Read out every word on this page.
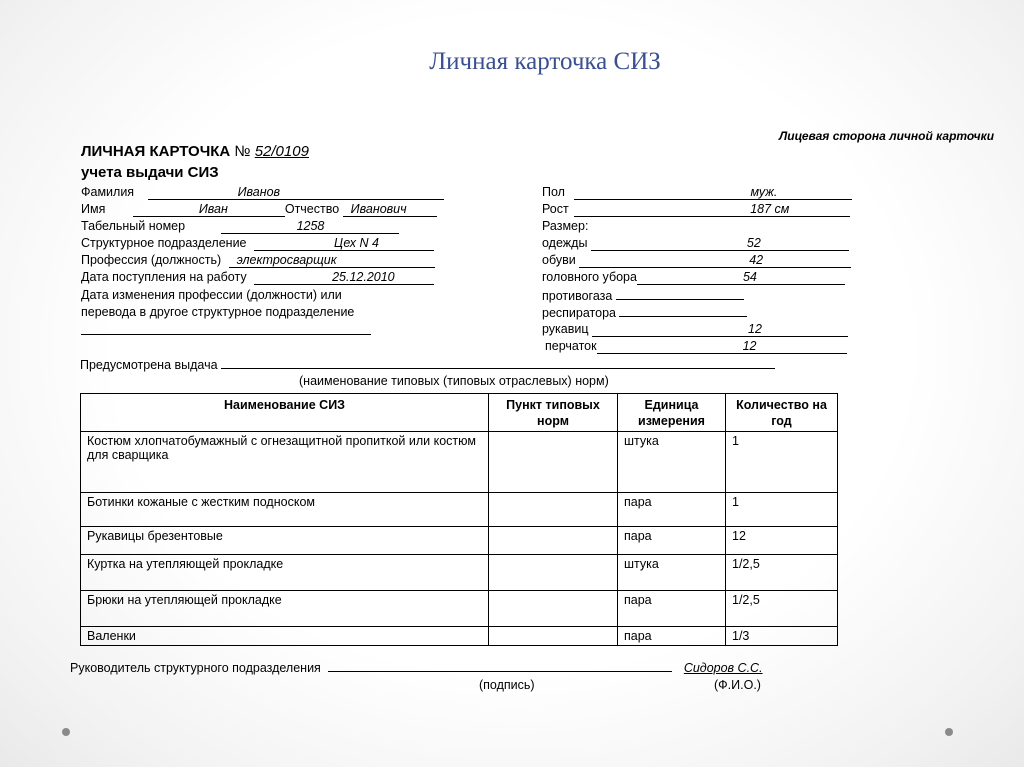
Личная карточка СИЗ
Лицевая сторона личной карточки
ЛИЧНАЯ КАРТОЧКА № 52/0109
учета выдачи СИЗ
Фамилия	Иванов
Имя	Иван	Отчество Иванович
Табельный номер	1258
Структурное подразделение	Цех N 4
Профессия (должность) электросварщик
Дата поступления на работу	25.12.2010
Дата изменения профессии (должности) или
перевода в другое структурное подразделение
Пол	муж.
Рост	187 см
Размер:
одежды	52
обуви	42
головного убора	54
противогаза
респиратора
рукавиц	12
перчаток	12
Предусмотрена выдача
(наименование типовых (типовых отраслевых) норм)
Наименование СИЗ	Пункт типовых норм	Единица измерения	Количество на год
Костюм хлопчатобумажный с огнезащитной пропиткой или костюм для сварщика		штука	1
Ботинки кожаные с жестким подноском		пара	1
Рукавицы брезентовые		пара	12
Куртка на утепляющей прокладке		штука	1/2,5
Брюки на утепляющей прокладке		пара	1/2,5
Валенки		пара	1/3
Руководитель структурного подразделения	Сидоров С.С.
(подпись)	(Ф.И.О.)
